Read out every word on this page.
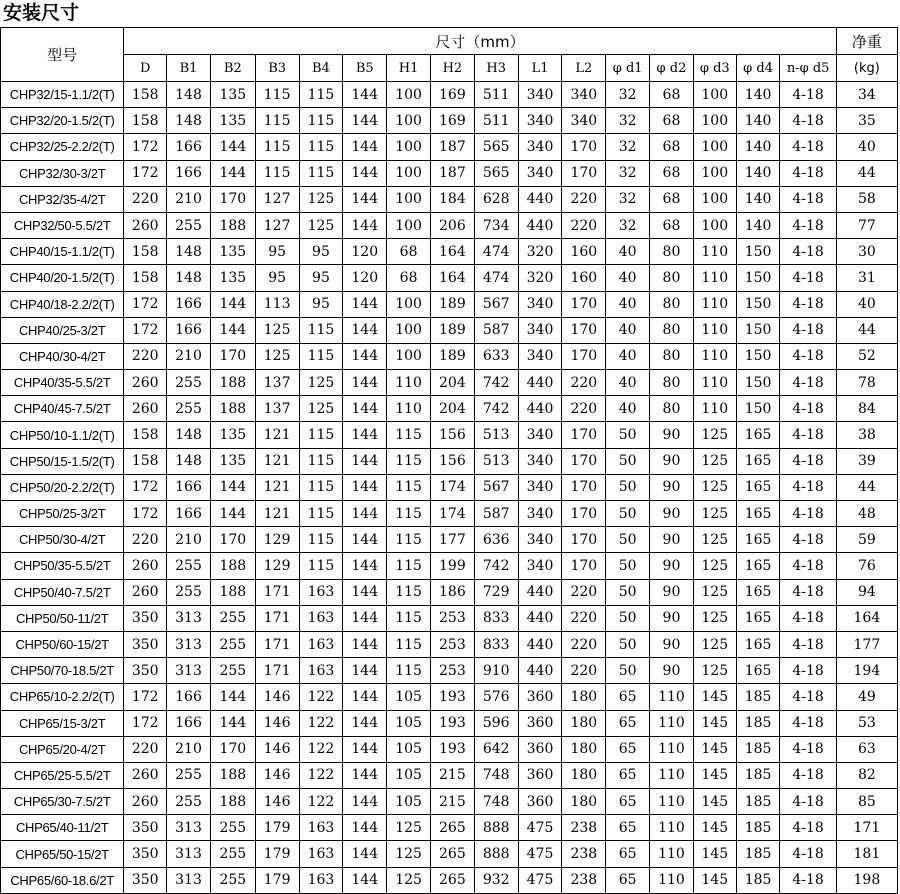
安装尺寸
型号	尺寸（mm）																净重
	D	B1	B2	B3	B4	B5	H1	H2	H3	L1	L2	φ d1	φ d2	φ d3	φ d4	n-φ d5	(kg)
CHP32/15-1.1/2(T)	158	148	135	115	115	144	100	169	511	340	340	32	68	100	140	4-18	34
CHP32/20-1.5/2(T)	158	148	135	115	115	144	100	169	511	340	340	32	68	100	140	4-18	35
CHP32/25-2.2/2(T)	172	166	144	115	115	144	100	187	565	340	170	32	68	100	140	4-18	40
CHP32/30-3/2T	172	166	144	115	115	144	100	187	565	340	170	32	68	100	140	4-18	44
CHP32/35-4/2T	220	210	170	127	125	144	100	184	628	440	220	32	68	100	140	4-18	58
CHP32/50-5.5/2T	260	255	188	127	125	144	100	206	734	440	220	32	68	100	140	4-18	77
CHP40/15-1.1/2(T)	158	148	135	95	95	120	68	164	474	320	160	40	80	110	150	4-18	30
CHP40/20-1.5/2(T)	158	148	135	95	95	120	68	164	474	320	160	40	80	110	150	4-18	31
CHP40/18-2.2/2(T)	172	166	144	113	95	144	100	189	567	340	170	40	80	110	150	4-18	40
CHP40/25-3/2T	172	166	144	125	115	144	100	189	587	340	170	40	80	110	150	4-18	44
CHP40/30-4/2T	220	210	170	125	115	144	100	189	633	340	170	40	80	110	150	4-18	52
CHP40/35-5.5/2T	260	255	188	137	125	144	110	204	742	440	220	40	80	110	150	4-18	78
CHP40/45-7.5/2T	260	255	188	137	125	144	110	204	742	440	220	40	80	110	150	4-18	84
CHP50/10-1.1/2(T)	158	148	135	121	115	144	115	156	513	340	170	50	90	125	165	4-18	38
CHP50/15-1.5/2(T)	158	148	135	121	115	144	115	156	513	340	170	50	90	125	165	4-18	39
CHP50/20-2.2/2(T)	172	166	144	121	115	144	115	174	567	340	170	50	90	125	165	4-18	44
CHP50/25-3/2T	172	166	144	121	115	144	115	174	587	340	170	50	90	125	165	4-18	48
CHP50/30-4/2T	220	210	170	129	115	144	115	177	636	340	170	50	90	125	165	4-18	59
CHP50/35-5.5/2T	260	255	188	129	115	144	115	199	742	340	170	50	90	125	165	4-18	76
CHP50/40-7.5/2T	260	255	188	171	163	144	115	186	729	440	220	50	90	125	165	4-18	94
CHP50/50-11/2T	350	313	255	171	163	144	115	253	833	440	220	50	90	125	165	4-18	164
CHP50/60-15/2T	350	313	255	171	163	144	115	253	833	440	220	50	90	125	165	4-18	177
CHP50/70-18.5/2T	350	313	255	171	163	144	115	253	910	440	220	50	90	125	165	4-18	194
CHP65/10-2.2/2(T)	172	166	144	146	122	144	105	193	576	360	180	65	110	145	185	4-18	49
CHP65/15-3/2T	172	166	144	146	122	144	105	193	596	360	180	65	110	145	185	4-18	53
CHP65/20-4/2T	220	210	170	146	122	144	105	193	642	360	180	65	110	145	185	4-18	63
CHP65/25-5.5/2T	260	255	188	146	122	144	105	215	748	360	180	65	110	145	185	4-18	82
CHP65/30-7.5/2T	260	255	188	146	122	144	105	215	748	360	180	65	110	145	185	4-18	85
CHP65/40-11/2T	350	313	255	179	163	144	125	265	888	475	238	65	110	145	185	4-18	171
CHP65/50-15/2T	350	313	255	179	163	144	125	265	888	475	238	65	110	145	185	4-18	181
CHP65/60-18.6/2T	350	313	255	179	163	144	125	265	932	475	238	65	110	145	185	4-18	198
